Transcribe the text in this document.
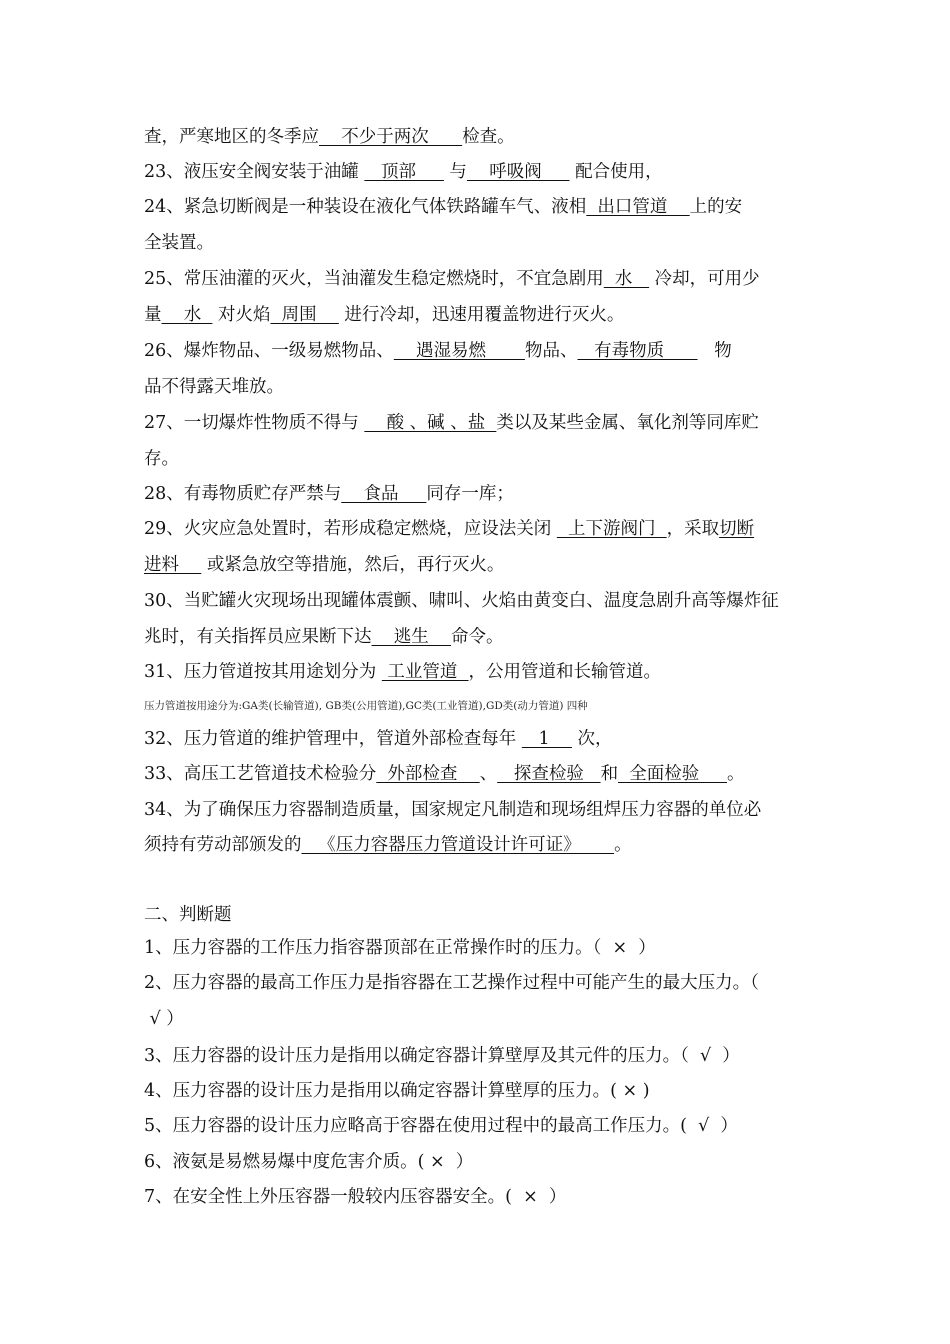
查，严寒地区的冬季应    不少于两次      检查。
23、液压安全阀安装于油罐    顶部      与    呼吸阀      配合使用，
24、紧急切断阀是一种装设在液化气体铁路罐车气、液相  出口管道    上的安
全装置。
25、常压油灌的灭火，当油灌发生稳定燃烧时，不宜急剧用  水    冷却，可用少
量    水   对火焰  周围     进行冷却，迅速用覆盖物进行灭火。
26、爆炸物品、一级易燃物品、    遇湿易燃       物品、   有毒物质         物
品不得露天堆放。
27、一切爆炸性物质不得与     酸 、碱 、盐  类以及某些金属、氧化剂等同库贮
存。
28、有毒物质贮存严禁与    食品     同存一库；
29、火灾应急处置时，若形成稳定燃烧，应设法关闭   上下游阀门  ，采取切断
进料     或紧急放空等措施，然后，再行灭火。
30、当贮罐火灾现场出现罐体震颤、啸叫、火焰由黄变白、温度急剧升高等爆炸征
兆时，有关指挥员应果断下达    逃生    命令。
31、压力管道按其用途划分为  工业管道  ，公用管道和长输管道。
压力管道按用途分为:GA类(长输管道), GB类(公用管道),GC类(工业管道),GD类(动力管道) 四种
32、压力管道的维护管理中，管道外部检查每年    1     次，
33、高压工艺管道技术检验分  外部检查    、   探查检验   和  全面检验     。
34、为了确保压力容器制造质量，国家规定凡制造和现场组焊压力容器的单位必
须持有劳动部颁发的   《压力容器压力管道设计许可证》      。
二、判断题
1、压力容器的工作压力指容器顶部在正常操作时的压力。（  ×  ）
2、压力容器的最高工作压力是指容器在工艺操作过程中可能产生的最大压力。（
√ ）
3、压力容器的设计压力是指用以确定容器计算壁厚及其元件的压力。（  √  ）
4、压力容器的设计压力是指用以确定容器计算壁厚的压力。( × )
5、压力容器的设计压力应略高于容器在使用过程中的最高工作压力。(  √  ）
6、液氨是易燃易爆中度危害介质。( ×  ）
7、在安全性上外压容器一般较内压容器安全。(  ×  ）
